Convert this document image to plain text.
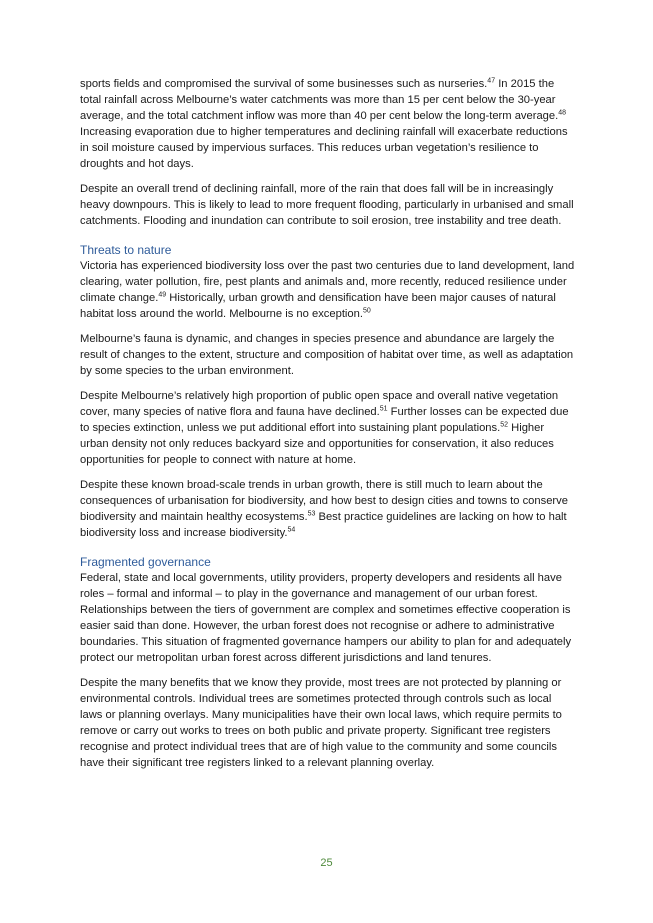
sports fields and compromised the survival of some businesses such as nurseries.$^{47}$ In 2015 the total rainfall across Melbourne’s water catchments was more than 15 per cent below the 30-year average, and the total catchment inflow was more than 40 per cent below the long-term average.$^{48}$ Increasing evaporation due to higher temperatures and declining rainfall will exacerbate reductions in soil moisture caused by impervious surfaces. This reduces urban vegetation’s resilience to droughts and hot days.

Despite an overall trend of declining rainfall, more of the rain that does fall will be in increasingly heavy downpours. This is likely to lead to more frequent flooding, particularly in urbanised and small catchments. Flooding and inundation can contribute to soil erosion, tree instability and tree death.

Threats to nature

Victoria has experienced biodiversity loss over the past two centuries due to land development, land clearing, water pollution, fire, pest plants and animals and, more recently, reduced resilience under climate change.$^{49}$ Historically, urban growth and densification have been major causes of natural habitat loss around the world. Melbourne is no exception.$^{50}$

Melbourne’s fauna is dynamic, and changes in species presence and abundance are largely the result of changes to the extent, structure and composition of habitat over time, as well as adaptation by some species to the urban environment.

Despite Melbourne’s relatively high proportion of public open space and overall native vegetation cover, many species of native flora and fauna have declined.$^{51}$ Further losses can be expected due to species extinction, unless we put additional effort into sustaining plant populations.$^{52}$ Higher urban density not only reduces backyard size and opportunities for conservation, it also reduces opportunities for people to connect with nature at home.

Despite these known broad-scale trends in urban growth, there is still much to learn about the consequences of urbanisation for biodiversity, and how best to design cities and towns to conserve biodiversity and maintain healthy ecosystems.$^{53}$ Best practice guidelines are lacking on how to halt biodiversity loss and increase biodiversity.$^{54}$

Fragmented governance

Federal, state and local governments, utility providers, property developers and residents all have roles – formal and informal – to play in the governance and management of our urban forest. Relationships between the tiers of government are complex and sometimes effective cooperation is easier said than done. However, the urban forest does not recognise or adhere to administrative boundaries. This situation of fragmented governance hampers our ability to plan for and adequately protect our metropolitan urban forest across different jurisdictions and land tenures.

Despite the many benefits that we know they provide, most trees are not protected by planning or environmental controls. Individual trees are sometimes protected through controls such as local laws or planning overlays. Many municipalities have their own local laws, which require permits to remove or carry out works to trees on both public and private property. Significant tree registers recognise and protect individual trees that are of high value to the community and some councils have their significant tree registers linked to a relevant planning overlay.

25
